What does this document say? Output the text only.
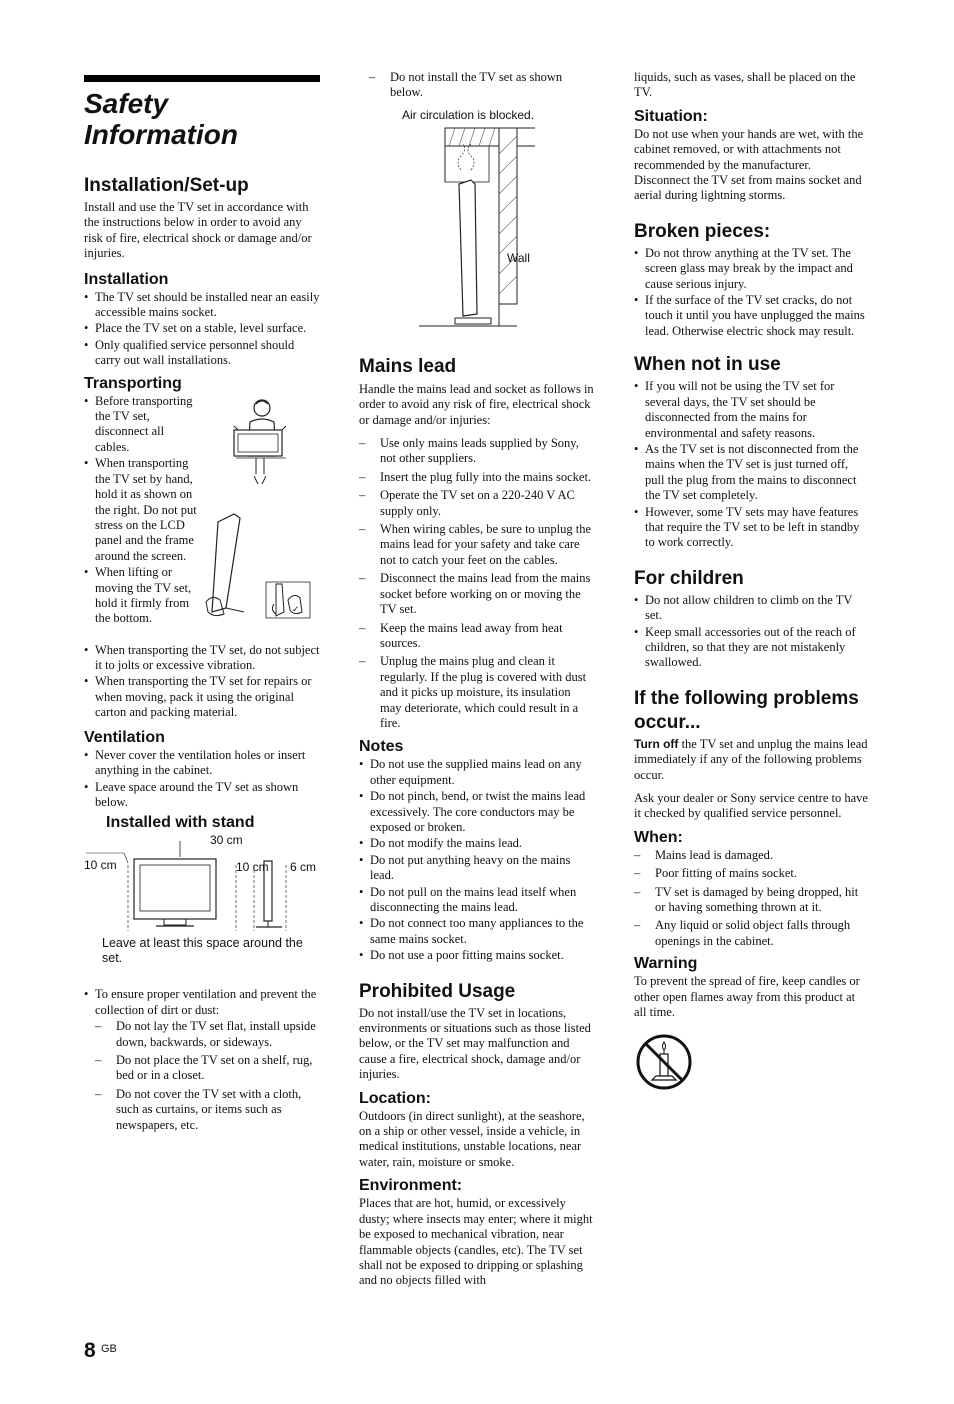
Safety Information
Installation/Set-up

Install and use the TV set in accordance with the instructions below in order to avoid any risk of fire, electrical shock or damage and/or injuries.

Installation
• The TV set should be installed near an easily accessible mains socket.
• Place the TV set on a stable, level surface.
• Only qualified service personnel should carry out wall installations.
Transporting
• Before transporting the TV set, disconnect all cables.
• When transporting the TV set by hand, hold it as shown on the right. Do not put stress on the LCD panel and the frame around the screen.
• When lifting or moving the TV set, hold it firmly from the bottom.
✓
• When transporting the TV set, do not subject it to jolts or excessive vibration.
• When transporting the TV set for repairs or when moving, pack it using the original carton and packing material.
Ventilation
• Never cover the ventilation holes or insert anything in the cabinet.
• Leave space around the TV set as shown below.
Installed with stand
30 cm
10 cm	10 cm 6 cm
Leave at least this space around the set.
• To ensure proper ventilation and prevent the collection of dirt or dust:
– Do not lay the TV set flat, install upside down, backwards, or sideways.
– Do not place the TV set on a shelf, rug, bed or in a closet.
– Do not cover the TV set with a cloth, such as curtains, or items such as newspapers, etc.
– Do not install the TV set as shown below.
Air circulation is blocked.
Wall
Mains lead

Handle the mains lead and socket as follows in order to avoid any risk of fire, electrical shock or damage and/or injuries:

– Use only mains leads supplied by Sony, not other suppliers.
– Insert the plug fully into the mains socket.
– Operate the TV set on a 220-240 V AC supply only.
– When wiring cables, be sure to unplug the mains lead for your safety and take care not to catch your feet on the cables.
– Disconnect the mains lead from the mains socket before working on or moving the TV set.
– Keep the mains lead away from heat sources.
– Unplug the mains plug and clean it regularly. If the plug is covered with dust and it picks up moisture, its insulation may deteriorate, which could result in a fire.
Notes
• Do not use the supplied mains lead on any other equipment.
• Do not pinch, bend, or twist the mains lead excessively. The core conductors may be exposed or broken.
• Do not modify the mains lead.
• Do not put anything heavy on the mains lead.
• Do not pull on the mains lead itself when disconnecting the mains lead.
• Do not connect too many appliances to the same mains socket.
• Do not use a poor fitting mains socket.
Prohibited Usage

Do not install/use the TV set in locations, environments or situations such as those listed below, or the TV set may malfunction and cause a fire, electrical shock, damage and/or injuries.

Location:

Outdoors (in direct sunlight), at the seashore, on a ship or other vessel, inside a vehicle, in medical institutions, unstable locations, near water, rain, moisture or smoke.

Environment:

Places that are hot, humid, or excessively dusty; where insects may enter; where it might be exposed to mechanical vibration, near flammable objects (candles, etc). The TV set shall not be exposed to dripping or splashing and no objects filled with

liquids, such as vases, shall be placed on the TV.

Situation:

Do not use when your hands are wet, with the cabinet removed, or with attachments not recommended by the manufacturer. Disconnect the TV set from mains socket and aerial during lightning storms.

Broken pieces:
• Do not throw anything at the TV set. The screen glass may break by the impact and cause serious injury.
• If the surface of the TV set cracks, do not touch it until you have unplugged the mains lead. Otherwise electric shock may result.
When not in use
• If you will not be using the TV set for several days, the TV set should be disconnected from the mains for environmental and safety reasons.
• As the TV set is not disconnected from the mains when the TV set is just turned off, pull the plug from the mains to disconnect the TV set completely.
• However, some TV sets may have features that require the TV set to be left in standby to work correctly.
For children
• Do not allow children to climb on the TV set.
• Keep small accessories out of the reach of children, so that they are not mistakenly swallowed.
If the following problems occur...

Turn off the TV set and unplug the mains lead immediately if any of the following problems occur.

Ask your dealer or Sony service centre to have it checked by qualified service personnel.

When:
– Mains lead is damaged.
– Poor fitting of mains socket.
– TV set is damaged by being dropped, hit or having something thrown at it.
– Any liquid or solid object falls through openings in the cabinet.
Warning

To prevent the spread of fire, keep candles or other open flames away from this product at all time.

8 GB
